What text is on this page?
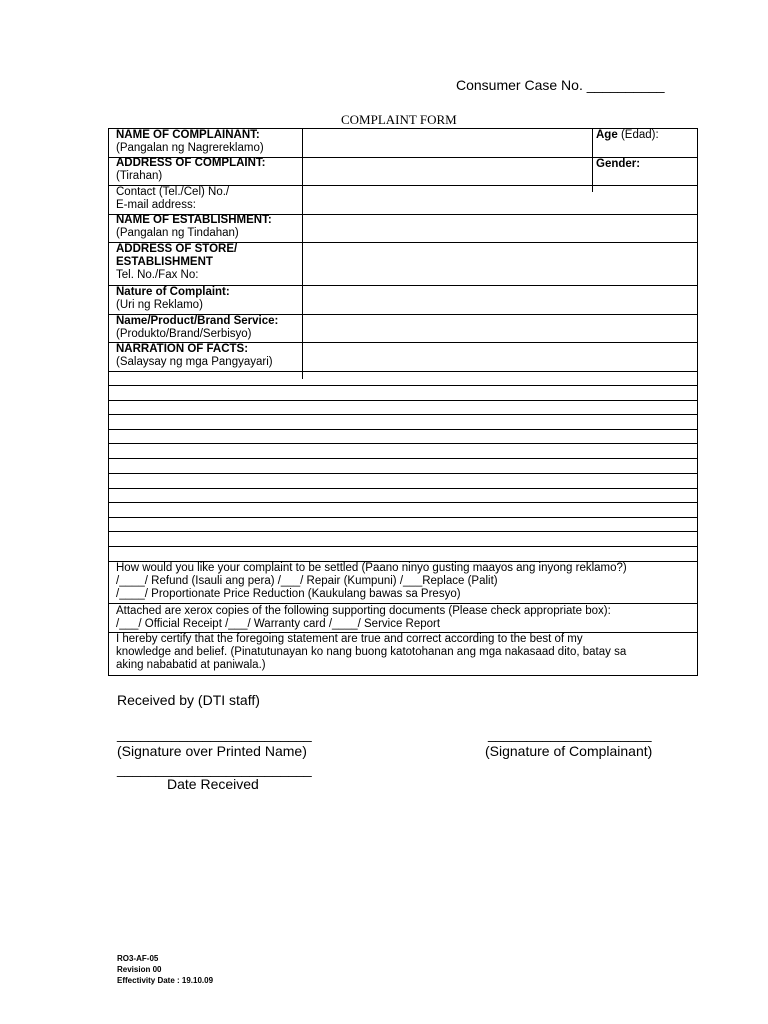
Consumer Case No. __________
COMPLAINT FORM
NAME OF COMPLAINANT:
(Pangalan ng Nagrereklamo)
ADDRESS OF COMPLAINT:
(Tirahan)
Contact (Tel./Cel) No./
E-mail address:
NAME OF ESTABLISHMENT:
(Pangalan ng Tindahan)
ADDRESS OF STORE/
ESTABLISHMENT
Tel. No./Fax No:
Nature of Complaint:
(Uri ng Reklamo)
Name/Product/Brand Service:
(Produkto/Brand/Serbisyo)
NARRATION OF FACTS:
(Salaysay ng mga Pangyayari)
Age (Edad):
Gender:
How would you like your complaint to be settled (Paano ninyo gusting maayos ang inyong reklamo?)
/____/ Refund (Isauli ang pera) /___/ Repair (Kumpuni) /___Replace (Palit)
/____/ Proportionate Price Reduction (Kaukulang bawas sa Presyo)
Attached are xerox copies of the following supporting documents (Please check appropriate box):
/___/ Official Receipt /___/ Warranty card /____/ Service Report
I hereby certify that the foregoing statement are true and correct according to the best of my
knowledge and belief. (Pinatutunayan ko nang buong katotohanan ang mga nakasaad dito, batay sa
aking nababatid at paniwala.)
Received by (DTI staff)
_________________________	_____________________
(Signature over Printed Name)	(Signature of Complainant)
_________________________
Date Received
RO3-AF-05
Revision 00
Effectivity Date : 19.10.09
